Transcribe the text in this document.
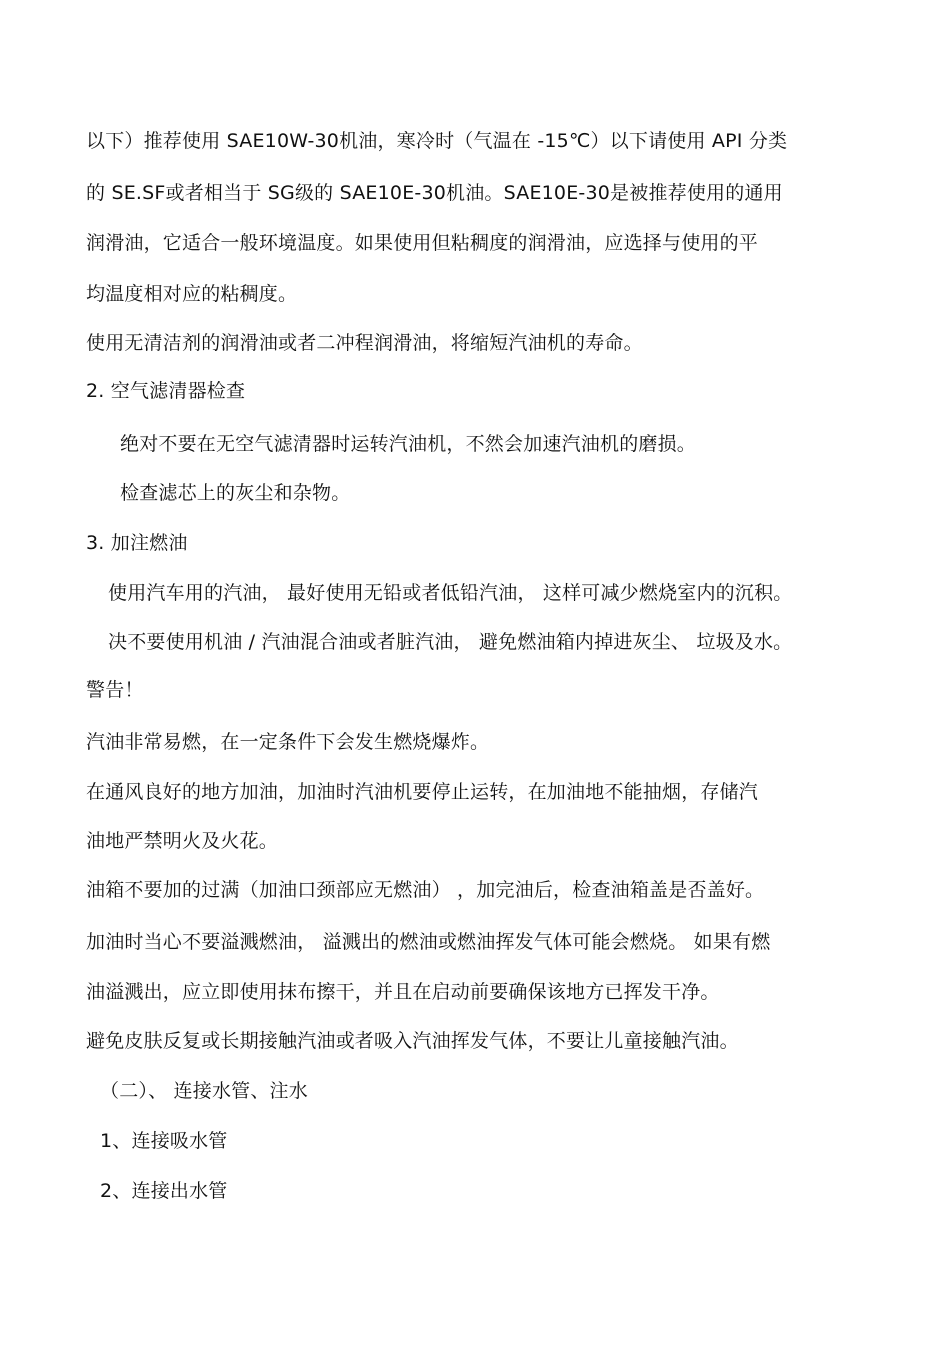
以下）推荐使用 SAE10W-30机油，寒冷时（气温在 -15℃）以下请使用 API 分类
的 SE.SF或者相当于 SG级的 SAE10E-30机油。SAE10E-30是被推荐使用的通用
润滑油，它适合一般环境温度。如果使用但粘稠度的润滑油，应选择与使用的平
均温度相对应的粘稠度。
使用无清洁剂的润滑油或者二冲程润滑油，将缩短汽油机的寿命。
2. 空气滤清器检查
绝对不要在无空气滤清器时运转汽油机，不然会加速汽油机的磨损。
检查滤芯上的灰尘和杂物。
3. 加注燃油
使用汽车用的汽油， 最好使用无铅或者低铅汽油， 这样可减少燃烧室内的沉积。
决不要使用机油 / 汽油混合油或者脏汽油， 避免燃油箱内掉进灰尘、 垃圾及水。
警告！
汽油非常易燃，在一定条件下会发生燃烧爆炸。
在通风良好的地方加油，加油时汽油机要停止运转，在加油地不能抽烟，存储汽
油地严禁明火及火花。
油箱不要加的过满（加油口颈部应无燃油） ，加完油后，检查油箱盖是否盖好。
加油时当心不要溢溅燃油， 溢溅出的燃油或燃油挥发气体可能会燃烧。 如果有燃
油溢溅出，应立即使用抹布擦干，并且在启动前要确保该地方已挥发干净。
避免皮肤反复或长期接触汽油或者吸入汽油挥发气体，不要让儿童接触汽油。
（二）、 连接水管、注水
1、连接吸水管
2、连接出水管
